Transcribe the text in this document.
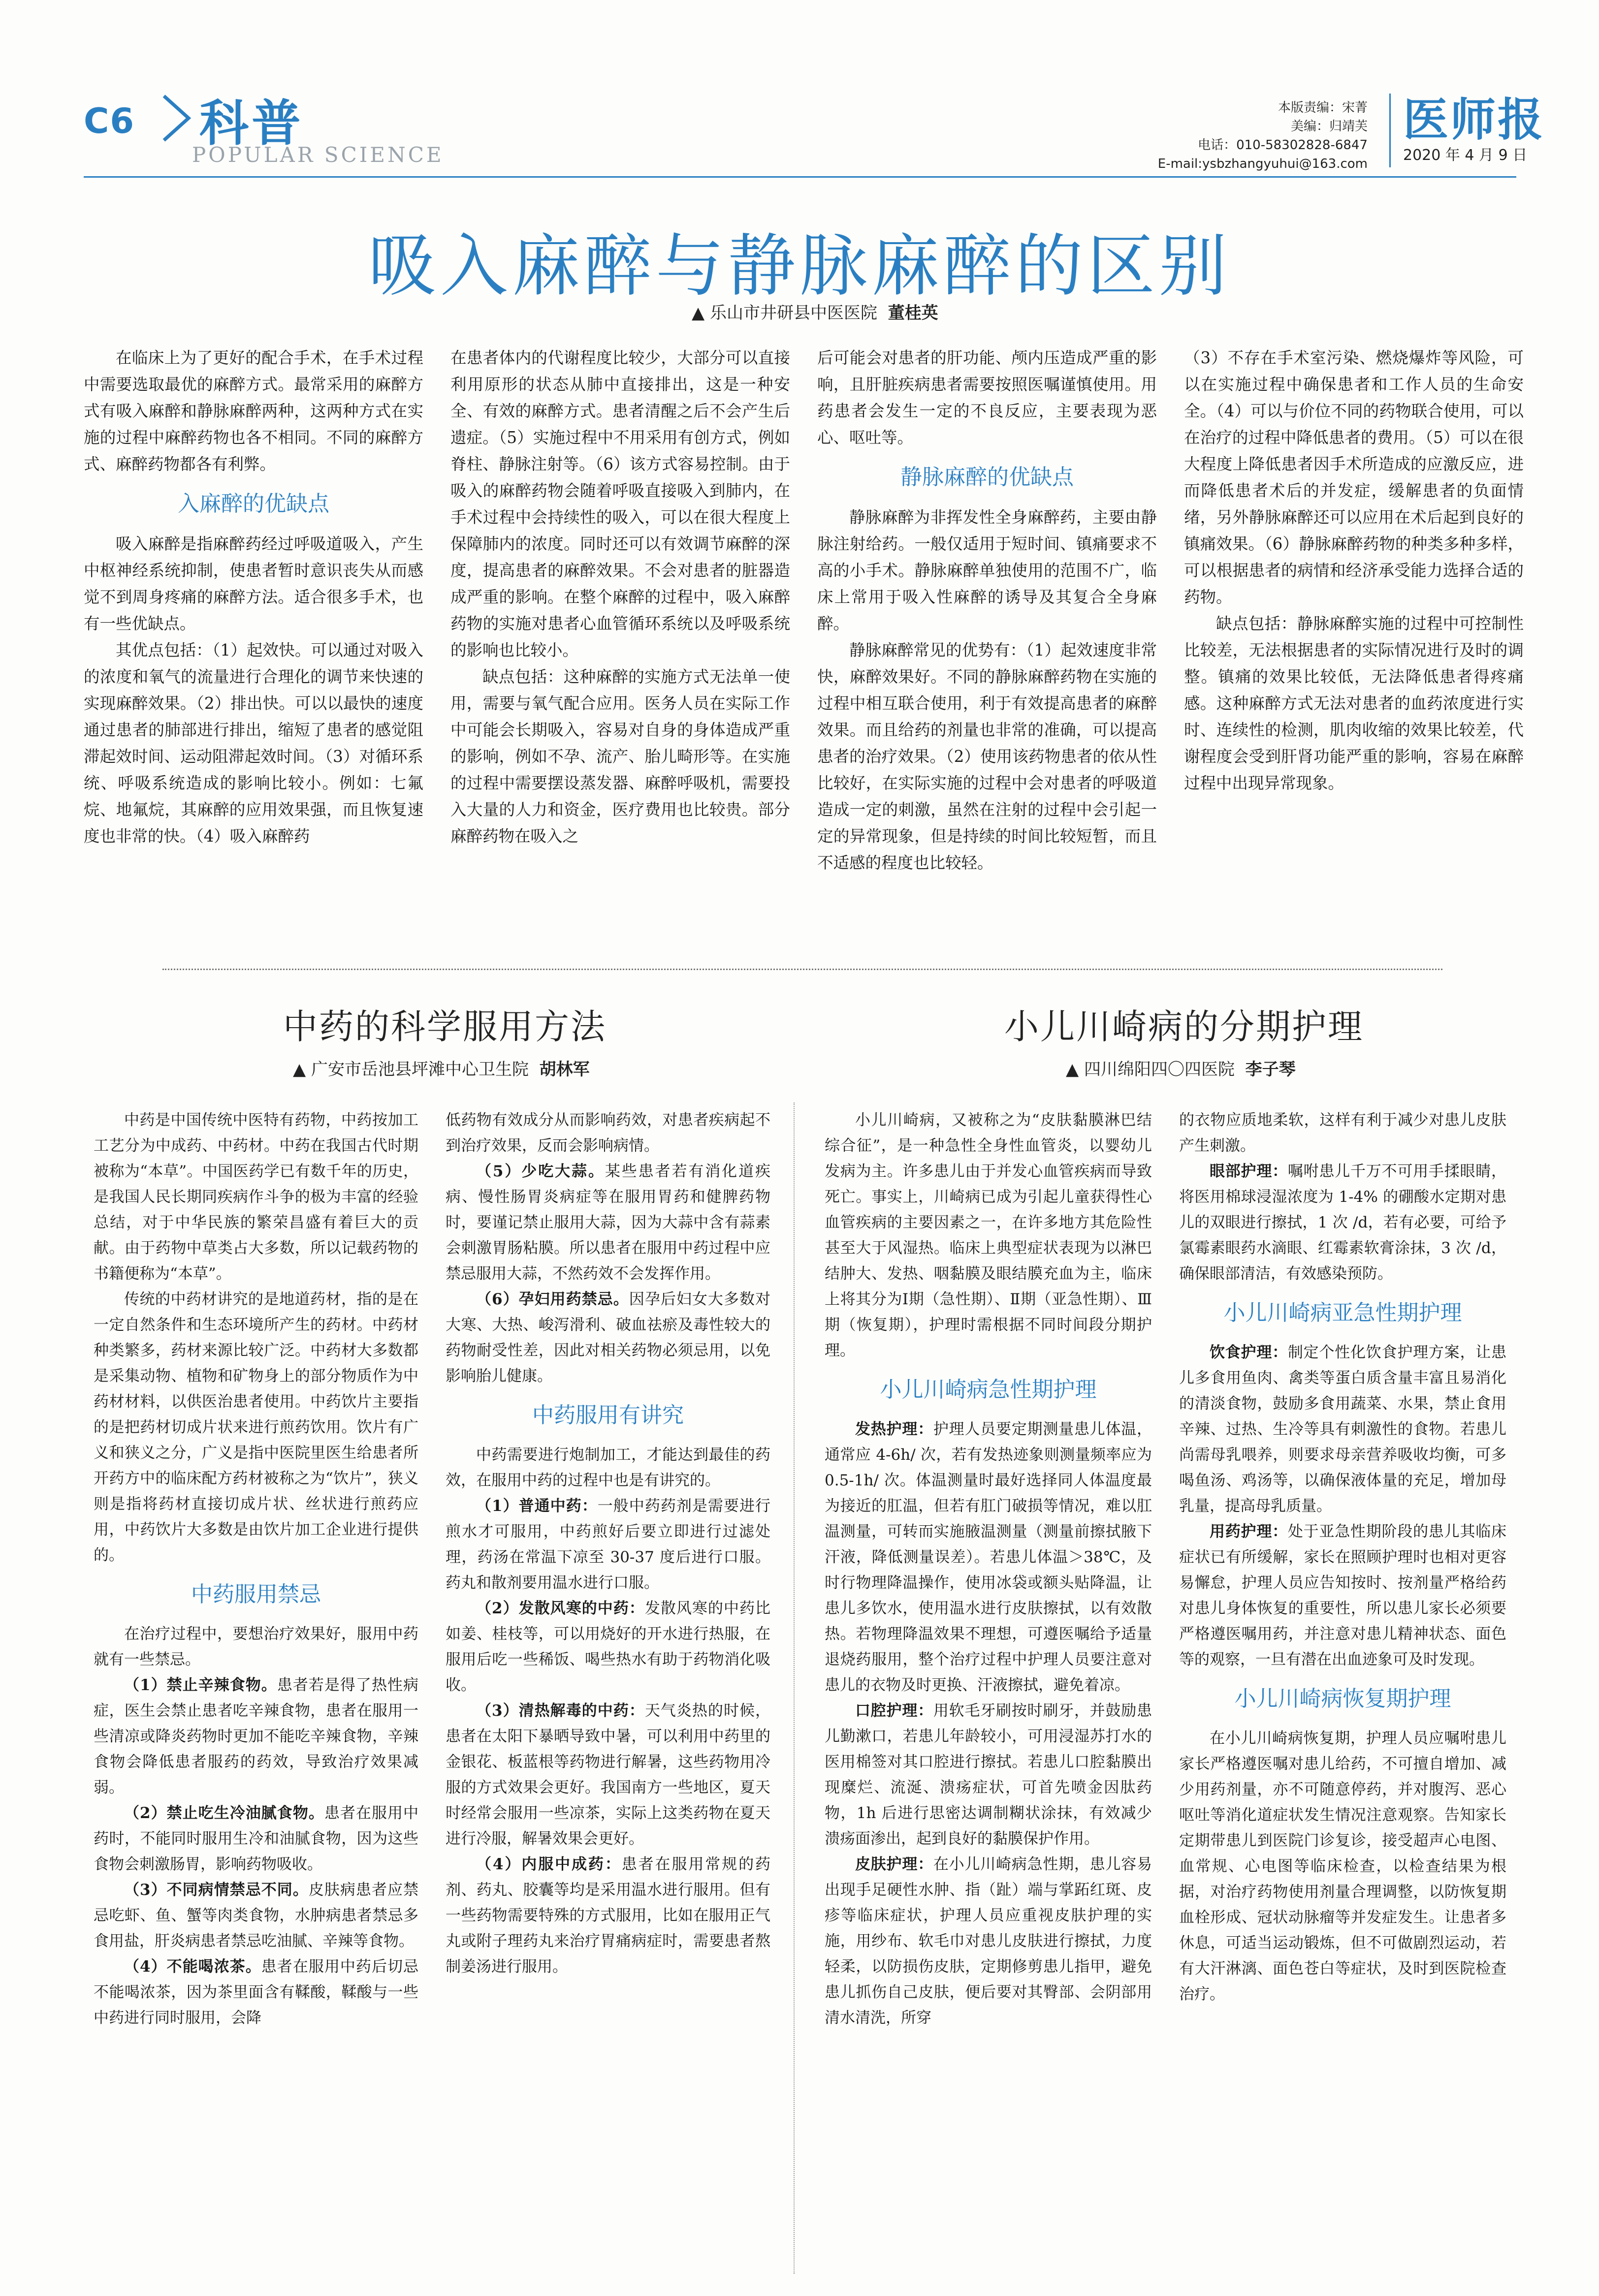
C6 科普
POPULAR SCIENCE
本版责编：宋菁
美编：归靖芙
电话：010-58302828-6847
E-mail:ysbzhangyuhui@163.com
医师报
2020 年 4 月 9 日
吸入麻醉与静脉麻醉的区别
▲ 乐山市井研县中医医院 董桂英

在临床上为了更好的配合手术，在手术过程中需要选取最优的麻醉方式。最常采用的麻醉方式有吸入麻醉和静脉麻醉两种，这两种方式在实施的过程中麻醉药物也各不相同。不同的麻醉方式、麻醉药物都各有利弊。

入麻醉的优缺点

吸入麻醉是指麻醉药经过呼吸道吸入，产生中枢神经系统抑制，使患者暂时意识丧失从而感觉不到周身疼痛的麻醉方法。适合很多手术，也有一些优缺点。

其优点包括：（1）起效快。可以通过对吸入的浓度和氧气的流量进行合理化的调节来快速的实现麻醉效果。（2）排出快。可以以最快的速度通过患者的肺部进行排出，缩短了患者的感觉阻滞起效时间、运动阻滞起效时间。（3）对循环系统、呼吸系统造成的影响比较小。例如：七氟烷、地氟烷，其麻醉的应用效果强，而且恢复速度也非常的快。（4）吸入麻醉药

在患者体内的代谢程度比较少，大部分可以直接利用原形的状态从肺中直接排出，这是一种安全、有效的麻醉方式。患者清醒之后不会产生后遗症。（5）实施过程中不用采用有创方式，例如脊柱、静脉注射等。（6）该方式容易控制。由于吸入的麻醉药物会随着呼吸直接吸入到肺内，在手术过程中会持续性的吸入，可以在很大程度上保障肺内的浓度。同时还可以有效调节麻醉的深度，提高患者的麻醉效果。不会对患者的脏器造成严重的影响。在整个麻醉的过程中，吸入麻醉药物的实施对患者心血管循环系统以及呼吸系统的影响也比较小。

缺点包括：这种麻醉的实施方式无法单一使用，需要与氧气配合应用。医务人员在实际工作中可能会长期吸入，容易对自身的身体造成严重的影响，例如不孕、流产、胎儿畸形等。在实施的过程中需要摆设蒸发器、麻醉呼吸机，需要投入大量的人力和资金，医疗费用也比较贵。部分麻醉药物在吸入之

后可能会对患者的肝功能、颅内压造成严重的影响，且肝脏疾病患者需要按照医嘱谨慎使用。用药患者会发生一定的不良反应，主要表现为恶心、呕吐等。

静脉麻醉的优缺点

静脉麻醉为非挥发性全身麻醉药，主要由静脉注射给药。一般仅适用于短时间、镇痛要求不高的小手术。静脉麻醉单独使用的范围不广，临床上常用于吸入性麻醉的诱导及其复合全身麻醉。

静脉麻醉常见的优势有：（1）起效速度非常快，麻醉效果好。不同的静脉麻醉药物在实施的过程中相互联合使用，利于有效提高患者的麻醉效果。而且给药的剂量也非常的准确，可以提高患者的治疗效果。（2）使用该药物患者的依从性比较好，在实际实施的过程中会对患者的呼吸道造成一定的刺激，虽然在注射的过程中会引起一定的异常现象，但是持续的时间比较短暂，而且不适感的程度也比较轻。

（3）不存在手术室污染、燃烧爆炸等风险，可以在实施过程中确保患者和工作人员的生命安全。（4）可以与价位不同的药物联合使用，可以在治疗的过程中降低患者的费用。（5）可以在很大程度上降低患者因手术所造成的应激反应，进而降低患者术后的并发症，缓解患者的负面情绪，另外静脉麻醉还可以应用在术后起到良好的镇痛效果。（6）静脉麻醉药物的种类多种多样，可以根据患者的病情和经济承受能力选择合适的药物。

缺点包括：静脉麻醉实施的过程中可控制性比较差，无法根据患者的实际情况进行及时的调整。镇痛的效果比较低，无法降低患者得疼痛感。这种麻醉方式无法对患者的血药浓度进行实时、连续性的检测，肌肉收缩的效果比较差，代谢程度会受到肝肾功能严重的影响，容易在麻醉过程中出现异常现象。

中药的科学服用方法
▲ 广安市岳池县坪滩中心卫生院 胡林军

中药是中国传统中医特有药物，中药按加工工艺分为中成药、中药材。中药在我国古代时期被称为“本草”。中国医药学已有数千年的历史，是我国人民长期同疾病作斗争的极为丰富的经验总结，对于中华民族的繁荣昌盛有着巨大的贡献。由于药物中草类占大多数，所以记载药物的书籍便称为“本草”。

传统的中药材讲究的是地道药材，指的是在一定自然条件和生态环境所产生的药材。中药材种类繁多，药材来源比较广泛。中药材大多数都是采集动物、植物和矿物身上的部分物质作为中药材材料，以供医治患者使用。中药饮片主要指的是把药材切成片状来进行煎药饮用。饮片有广义和狭义之分，广义是指中医院里医生给患者所开药方中的临床配方药材被称之为“饮片”，狭义则是指将药材直接切成片状、丝状进行煎药应用，中药饮片大多数是由饮片加工企业进行提供的。

中药服用禁忌

在治疗过程中，要想治疗效果好，服用中药就有一些禁忌。

（1）禁止辛辣食物。患者若是得了热性病症，医生会禁止患者吃辛辣食物，患者在服用一些清凉或降炎药物时更加不能吃辛辣食物，辛辣食物会降低患者服药的药效，导致治疗效果减弱。

（2）禁止吃生冷油腻食物。患者在服用中药时，不能同时服用生冷和油腻食物，因为这些食物会刺激肠胃，影响药物吸收。

（3）不同病情禁忌不同。皮肤病患者应禁忌吃虾、鱼、蟹等肉类食物，水肿病患者禁忌多食用盐，肝炎病患者禁忌吃油腻、辛辣等食物。

（4）不能喝浓茶。患者在服用中药后切忌不能喝浓茶，因为茶里面含有鞣酸，鞣酸与一些中药进行同时服用，会降

低药物有效成分从而影响药效，对患者疾病起不到治疗效果，反而会影响病情。

（5）少吃大蒜。某些患者若有消化道疾病、慢性肠胃炎病症等在服用胃药和健脾药物时，要谨记禁止服用大蒜，因为大蒜中含有蒜素会刺激胃肠粘膜。所以患者在服用中药过程中应禁忌服用大蒜，不然药效不会发挥作用。

（6）孕妇用药禁忌。因孕后妇女大多数对大寒、大热、峻泻滑利、破血祛瘀及毒性较大的药物耐受性差，因此对相关药物必须忌用，以免影响胎儿健康。

中药服用有讲究

中药需要进行炮制加工，才能达到最佳的药效，在服用中药的过程中也是有讲究的。

（1）普通中药：一般中药药剂是需要进行煎水才可服用，中药煎好后要立即进行过滤处理，药汤在常温下凉至 30-37 度后进行口服。药丸和散剂要用温水进行口服。

（2）发散风寒的中药：发散风寒的中药比如姜、桂枝等，可以用烧好的开水进行热服，在服用后吃一些稀饭、喝些热水有助于药物消化吸收。

（3）清热解毒的中药：天气炎热的时候，患者在太阳下暴晒导致中暑，可以利用中药里的金银花、板蓝根等药物进行解暑，这些药物用冷服的方式效果会更好。我国南方一些地区，夏天时经常会服用一些凉茶，实际上这类药物在夏天进行冷服，解暑效果会更好。

（4）内服中成药：患者在服用常规的药剂、药丸、胶囊等均是采用温水进行服用。但有一些药物需要特殊的方式服用，比如在服用正气丸或附子理药丸来治疗胃痛病症时，需要患者熬制姜汤进行服用。

小儿川崎病的分期护理
▲ 四川绵阳四〇四医院 李子琴

小儿川崎病，又被称之为“皮肤黏膜淋巴结综合征”，是一种急性全身性血管炎，以婴幼儿发病为主。许多患儿由于并发心血管疾病而导致死亡。事实上，川崎病已成为引起儿童获得性心血管疾病的主要因素之一，在许多地方其危险性甚至大于风湿热。临床上典型症状表现为以淋巴结肿大、发热、咽黏膜及眼结膜充血为主，临床上将其分为Ⅰ期（急性期）、Ⅱ期（亚急性期）、Ⅲ期（恢复期），护理时需根据不同时间段分期护理。

小儿川崎病急性期护理

发热护理：护理人员要定期测量患儿体温，通常应 4-6h/ 次，若有发热迹象则测量频率应为 0.5-1h/ 次。体温测量时最好选择同人体温度最为接近的肛温，但若有肛门破损等情况，难以肛温测量，可转而实施腋温测量（测量前擦拭腋下汗液，降低测量误差）。若患儿体温＞38℃，及时行物理降温操作，使用冰袋或额头贴降温，让患儿多饮水，使用温水进行皮肤擦拭，以有效散热。若物理降温效果不理想，可遵医嘱给予适量退烧药服用，整个治疗过程中护理人员要注意对患儿的衣物及时更换、汗液擦拭，避免着凉。

口腔护理：用软毛牙刷按时刷牙，并鼓励患儿勤漱口，若患儿年龄较小，可用浸湿苏打水的医用棉签对其口腔进行擦拭。若患儿口腔黏膜出现糜烂、流涎、溃疡症状，可首先喷金因肽药物，1h 后进行思密达调制糊状涂抹，有效减少溃疡面渗出，起到良好的黏膜保护作用。

皮肤护理：在小儿川崎病急性期，患儿容易出现手足硬性水肿、指（趾）端与掌跖红斑、皮疹等临床症状，护理人员应重视皮肤护理的实施，用纱布、软毛巾对患儿皮肤进行擦拭，力度轻柔，以防损伤皮肤，定期修剪患儿指甲，避免患儿抓伤自己皮肤，便后要对其臀部、会阴部用清水清洗，所穿

的衣物应质地柔软，这样有利于减少对患儿皮肤产生刺激。

眼部护理：嘱咐患儿千万不可用手揉眼睛，将医用棉球浸湿浓度为 1-4% 的硼酸水定期对患儿的双眼进行擦拭，1 次 /d，若有必要，可给予氯霉素眼药水滴眼、红霉素软膏涂抹，3 次 /d，确保眼部清洁，有效感染预防。

小儿川崎病亚急性期护理

饮食护理：制定个性化饮食护理方案，让患儿多食用鱼肉、禽类等蛋白质含量丰富且易消化的清淡食物，鼓励多食用蔬菜、水果，禁止食用辛辣、过热、生冷等具有刺激性的食物。若患儿尚需母乳喂养，则要求母亲营养吸收均衡，可多喝鱼汤、鸡汤等，以确保液体量的充足，增加母乳量，提高母乳质量。

用药护理：处于亚急性期阶段的患儿其临床症状已有所缓解，家长在照顾护理时也相对更容易懈怠，护理人员应告知按时、按剂量严格给药对患儿身体恢复的重要性，所以患儿家长必须要严格遵医嘱用药，并注意对患儿精神状态、面色等的观察，一旦有潜在出血迹象可及时发现。

小儿川崎病恢复期护理

在小儿川崎病恢复期，护理人员应嘱咐患儿家长严格遵医嘱对患儿给药，不可擅自增加、减少用药剂量，亦不可随意停药，并对腹泻、恶心呕吐等消化道症状发生情况注意观察。告知家长定期带患儿到医院门诊复诊，接受超声心电图、血常规、心电图等临床检查，以检查结果为根据，对治疗药物使用剂量合理调整，以防恢复期血栓形成、冠状动脉瘤等并发症发生。让患者多休息，可适当运动锻炼，但不可做剧烈运动，若有大汗淋漓、面色苍白等症状，及时到医院检查治疗。
